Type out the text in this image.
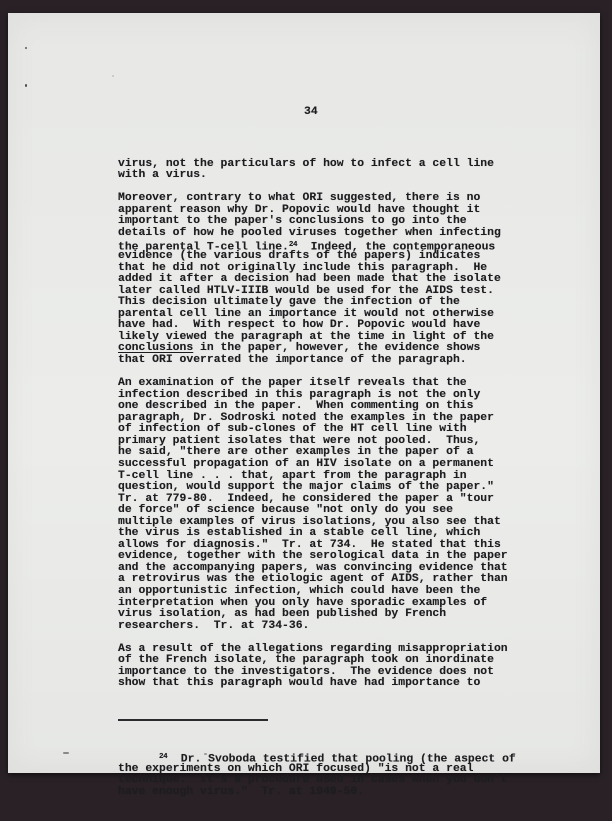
34

virus, not the particulars of how to infect a cell line
with a virus.
Moreover, contrary to what ORI suggested, there is no
apparent reason why Dr. Popovic would have thought it
important to the paper's conclusions to go into the
details of how he pooled viruses together when infecting
the parental T-cell line.$^{24}$  Indeed, the contemporaneous
evidence (the various drafts of the papers) indicates
that he did not originally include this paragraph.  He
added it after a decision had been made that the isolate
later called HTLV-IIIB would be used for the AIDS test.
This decision ultimately gave the infection of the
parental cell line an importance it would not otherwise
have had.  With respect to how Dr. Popovic would have
likely viewed the paragraph at the time in light of the
conclusions in the paper, however, the evidence shows
that ORI overrated the importance of the paragraph.
An examination of the paper itself reveals that the
infection described in this paragraph is not the only
one described in the paper.  When commenting on this
paragraph, Dr. Sodroski noted the examples in the paper
of infection of sub-clones of the HT cell line with
primary patient isolates that were not pooled.  Thus,
he said, "there are other examples in the paper of a
successful propagation of an HIV isolate on a permanent
T-cell line . . . that, apart from the paragraph in
question, would support the major claims of the paper."
Tr. at 779-80.  Indeed, he considered the paper a "tour
de force" of science because "not only do you see
multiple examples of virus isolations, you also see that
the virus is established in a stable cell line, which
allows for diagnosis."  Tr. at 734.  He stated that this
evidence, together with the serological data in the paper
and the accompanying papers, was convincing evidence that
a retrovirus was the etiologic agent of AIDS, rather than
an opportunistic infection, which could have been the
interpretation when you only have sporadic examples of
virus isolation, as had been published by French
researchers.  Tr. at 734-36.
As a result of the allegations regarding misappropriation
of the French isolate, the paragraph took on inordinate
importance to the investigators.  The evidence does not
show that this paragraph would have had importance to

$^{24}$  Dr. Svoboda testified that pooling (the aspect of
the experiments on which ORI focused) "is not a real
technique.  It's a procedure used in cases when you don't
have enough virus."  Tr. at 1949-50.
